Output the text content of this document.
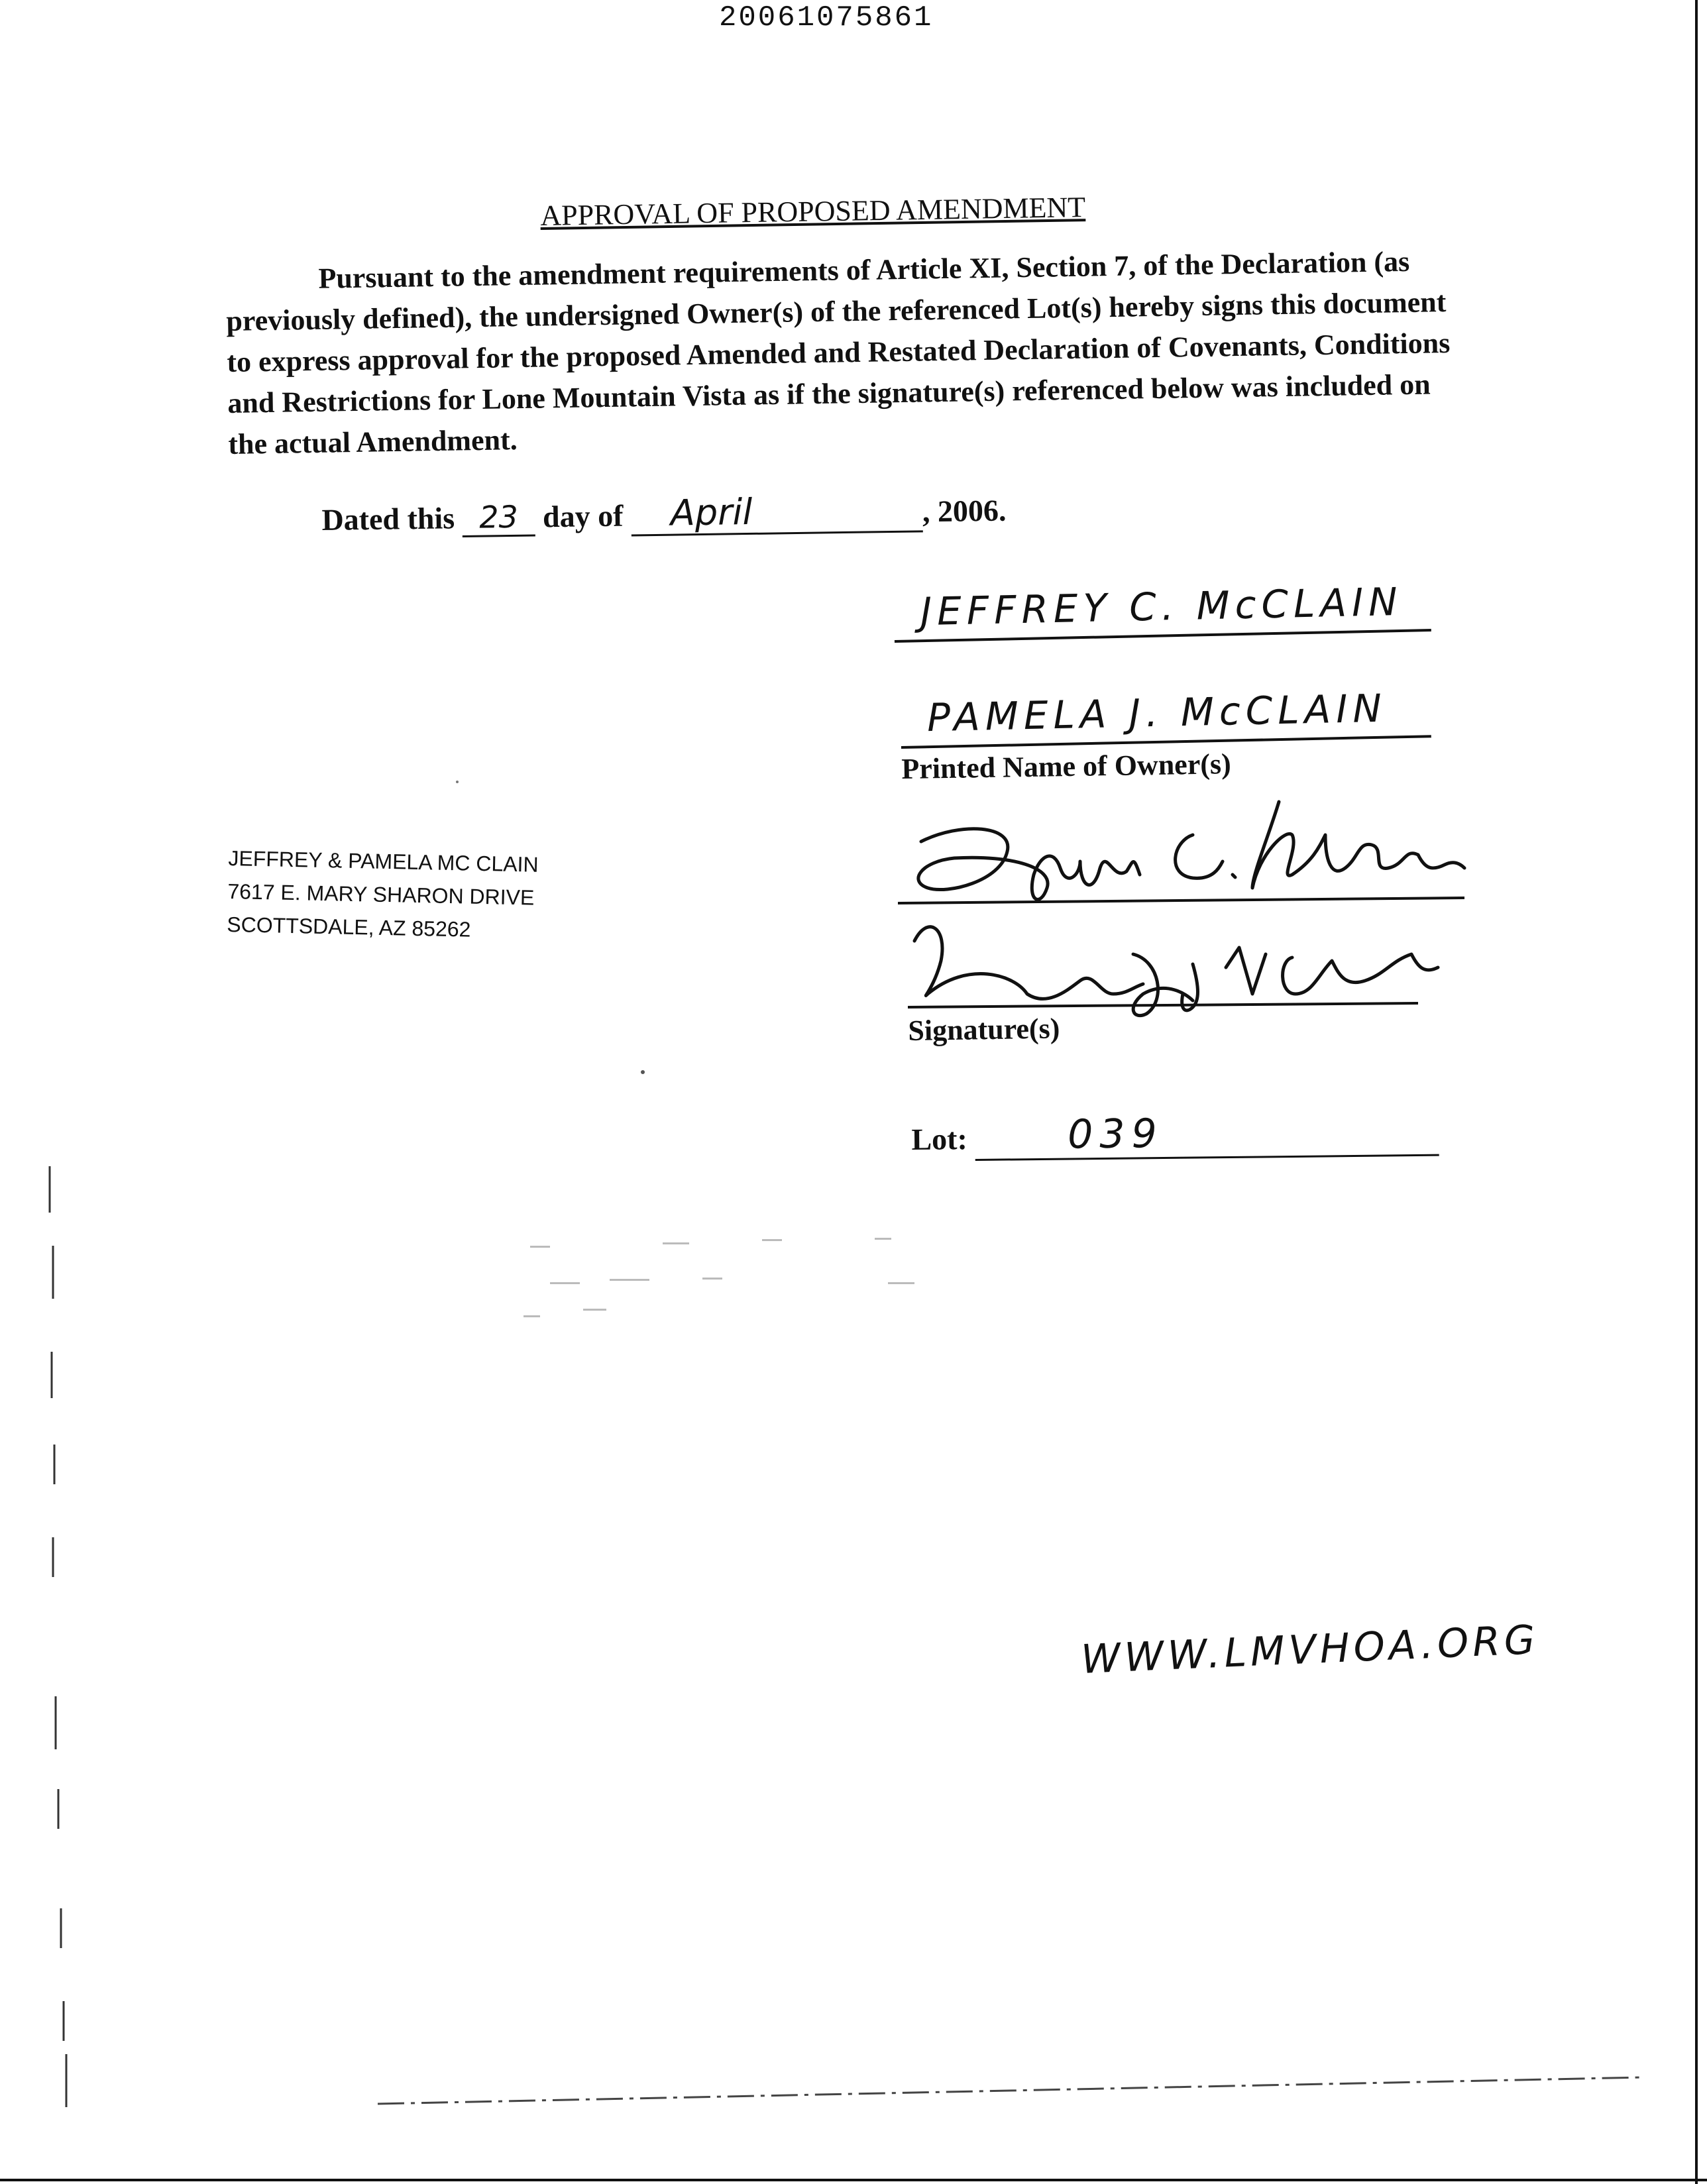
20061075861
APPROVAL OF PROPOSED AMENDMENT

Pursuant to the amendment requirements of Article XI, Section 7, of the Declaration (as previously defined), the undersigned Owner(s) of the referenced Lot(s) hereby signs this document to express approval for the proposed Amended and Restated Declaration of Covenants, Conditions and Restrictions for Lone Mountain Vista as if the signature(s) referenced below was included on the actual Amendment.

Dated this 23 day of April	, 2006.
JEFFREY C. McCLAIN
PAMELA J. McCLAIN
Printed Name of Owner(s)
JEFFREY & PAMELA MC CLAIN
7617 E. MARY SHARON DRIVE
SCOTTSDALE, AZ 85262
Signature(s)
Lot:	039
WWW.LMVHOA.ORG
